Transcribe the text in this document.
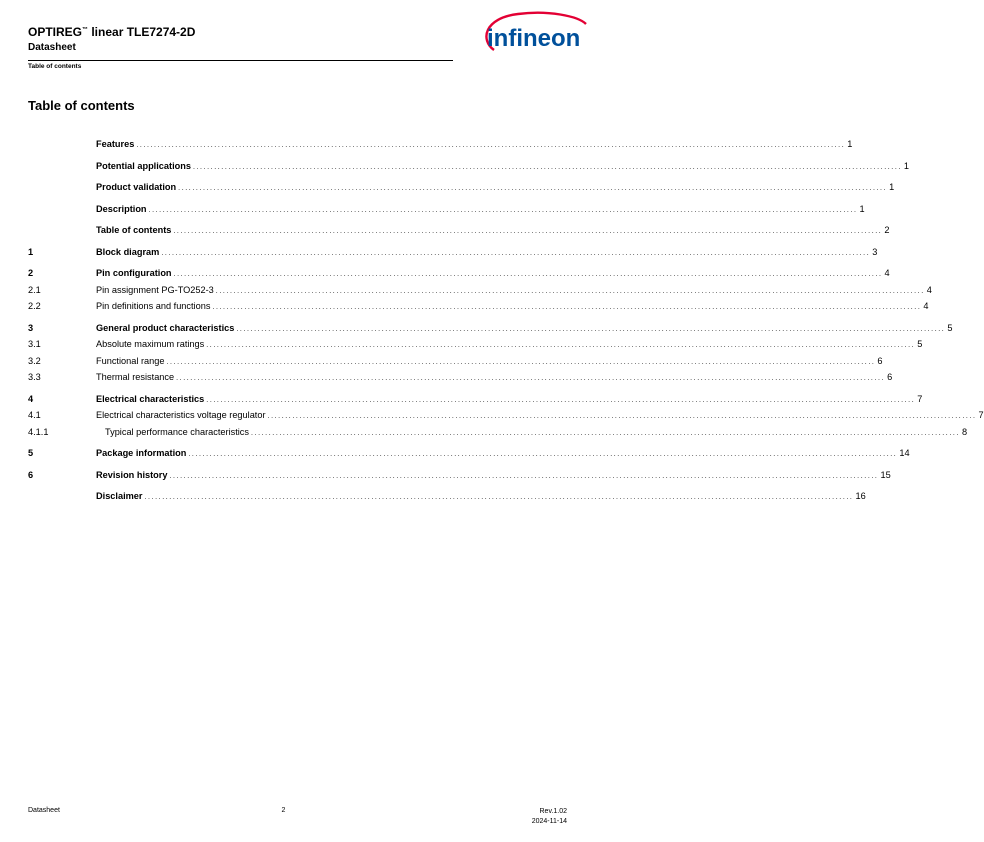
OPTIREG™ linear TLE7274-2D
Datasheet
Table of contents
infineon
Table of contents
Features ........................................................................................................................................................................................................ 1
Potential applications ........................................................................................................................................................................................................ 1
Product validation ........................................................................................................................................................................................................ 1
Description ........................................................................................................................................................................................................ 1
Table of contents ........................................................................................................................................................................................................ 2
1	Block diagram ........................................................................................................................................................................................................ 3
2	Pin configuration ........................................................................................................................................................................................................ 4
2.1	Pin assignment PG-TO252-3 ........................................................................................................................................................................................................ 4
2.2	Pin definitions and functions ........................................................................................................................................................................................................ 4
3	General product characteristics ........................................................................................................................................................................................................ 5
3.1	Absolute maximum ratings ........................................................................................................................................................................................................ 5
3.2	Functional range ........................................................................................................................................................................................................ 6
3.3	Thermal resistance ........................................................................................................................................................................................................ 6
4	Electrical characteristics ........................................................................................................................................................................................................ 7
4.1	Electrical characteristics voltage regulator ........................................................................................................................................................................................................ 7
4.1.1	Typical performance characteristics ........................................................................................................................................................................................................ 8
5	Package information ........................................................................................................................................................................................................ 14
6	Revision history ........................................................................................................................................................................................................ 15
Disclaimer ........................................................................................................................................................................................................ 16
Datasheet	2	Rev.1.02
2024-11-14
